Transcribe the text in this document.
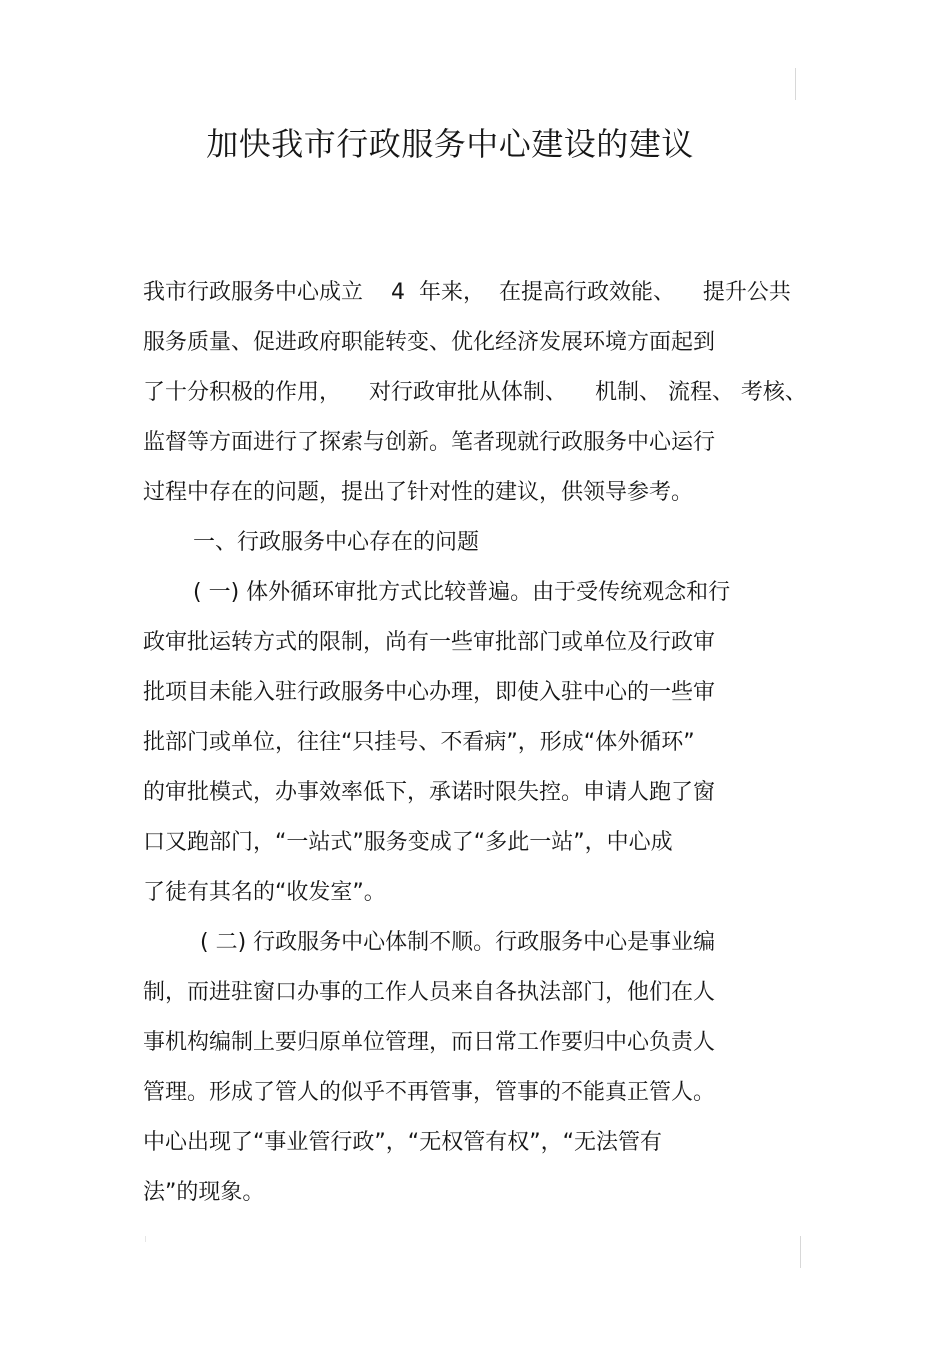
加快我市行政服务中心建设的建议
我市行政服务中心成立    4  年来，  在提高行政效能、    提升公共
服务质量、促进政府职能转变、优化经济发展环境方面起到
了十分积极的作用，    对行政审批从体制、    机制、 流程、 考核、
监督等方面进行了探索与创新。笔者现就行政服务中心运行
过程中存在的问题，提出了针对性的建议，供领导参考。
一、行政服务中心存在的问题
( 一) 体外循环审批方式比较普遍。由于受传统观念和行
政审批运转方式的限制，尚有一些审批部门或单位及行政审
批项目未能入驻行政服务中心办理，即使入驻中心的一些审
批部门或单位，往往“只挂号、不看病”，形成“体外循环”
的审批模式，办事效率低下，承诺时限失控。申请人跑了窗
口又跑部门，“一站式”服务变成了“多此一站”，中心成
了徒有其名的“收发室”。
( 二) 行政服务中心体制不顺。行政服务中心是事业编
制，而进驻窗口办事的工作人员来自各执法部门，他们在人
事机构编制上要归原单位管理，而日常工作要归中心负责人
管理。形成了管人的似乎不再管事，管事的不能真正管人。
中心出现了“事业管行政”，“无权管有权”，“无法管有
法”的现象。
